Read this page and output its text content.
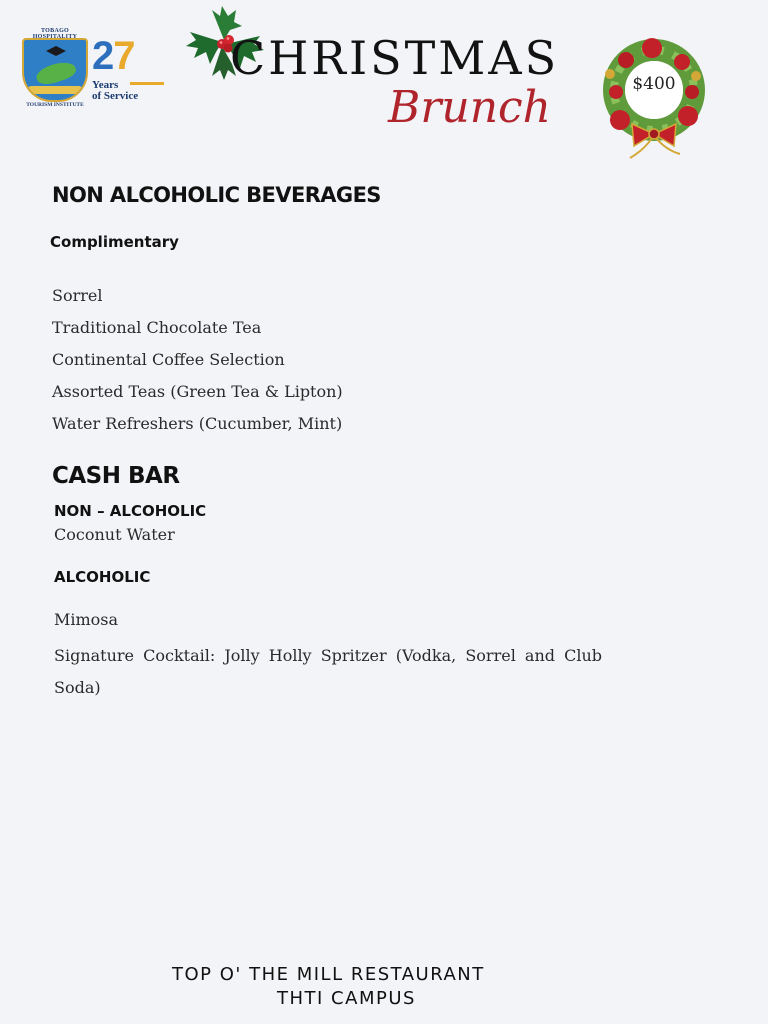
TOBAGO HOSPITALITY
TOURISM INSTITUTE
27
Years
of Service
CHRISTMAS
Brunch	$400
NON ALCOHOLIC BEVERAGES
Complimentary
Sorrel
Traditional Chocolate Tea
Continental Coffee Selection
Assorted Teas (Green Tea & Lipton)
Water Refreshers (Cucumber, Mint)
CASH BAR
NON – ALCOHOLIC
Coconut Water
ALCOHOLIC
Mimosa
Signature Cocktail: Jolly Holly Spritzer (Vodka, Sorrel and Club Soda)
TOP O' THE MILL RESTAURANT
THTI CAMPUS
